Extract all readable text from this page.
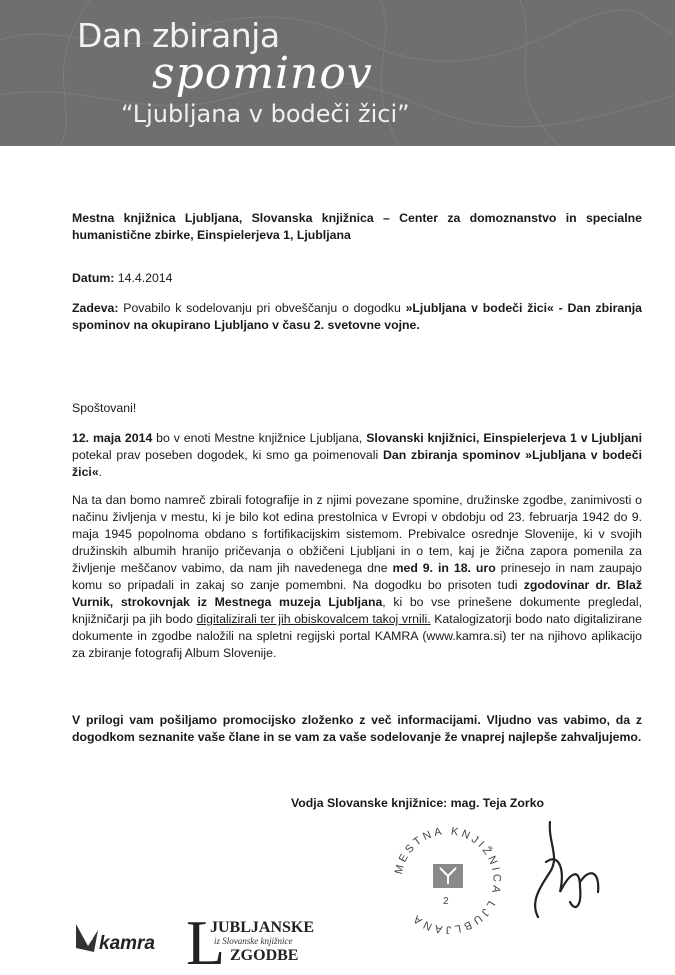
Dan zbiranja
spominov
“Ljubljana v bodeči žici”
Mestna knjižnica Ljubljana, Slovanska knjižnica – Center za domoznanstvo in specialne humanistične zbirke, Einspielerjeva 1, Ljubljana
Datum: 14.4.2014
Zadeva: Povabilo k sodelovanju pri obveščanju o dogodku »Ljubljana v bodeči žici« - Dan zbiranja spominov na okupirano Ljubljano v času 2. svetovne vojne.
Spoštovani!
12. maja 2014 bo v enoti Mestne knjižnice Ljubljana, Slovanski knjižnici, Einspielerjeva 1 v Ljubljani potekal prav poseben dogodek, ki smo ga poimenovali Dan zbiranja spominov »Ljubljana v bodeči žici«.
Na ta dan bomo namreč zbirali fotografije in z njimi povezane spomine, družinske zgodbe, zanimivosti o načinu življenja v mestu, ki je bilo kot edina prestolnica v Evropi v obdobju od 23. februarja 1942 do 9. maja 1945 popolnoma obdano s fortifikacijskim sistemom. Prebivalce osrednje Slovenije, ki v svojih družinskih albumih hranijo pričevanja o obžičeni Ljubljani in o tem, kaj je žična zapora pomenila za življenje meščanov vabimo, da nam jih navedenega dne med 9. in 18. uro prinesejo in nam zaupajo komu so pripadali in zakaj so zanje pomembni. Na dogodku bo prisoten tudi zgodovinar dr. Blaž Vurnik, strokovnjak iz Mestnega muzeja Ljubljana, ki bo vse prinešene dokumente pregledal, knjižničarji pa jih bodo digitalizirali ter jih obiskovalcem takoj vrnili. Katalogizatorji bodo nato digitalizirane dokumente in zgodbe naložili na spletni regijski portal KAMRA (www.kamra.si) ter na njihovo aplikacijo za zbiranje fotografij Album Slovenije.
V prilogi vam pošiljamo promocijsko zloženko z več informacijami. Vljudno vas vabimo, da z dogodkom seznanite vaše člane in se vam za vaše sodelovanje že vnaprej najlepše zahvaljujemo.
Vodja Slovanske knjižnice: mag. Teja Zorko
MESTNA KNJIŽNICA LJUBLJANA
2
kamra L
JUBLJANSKE
iz Slovanske knjižnice
ZGODBE
